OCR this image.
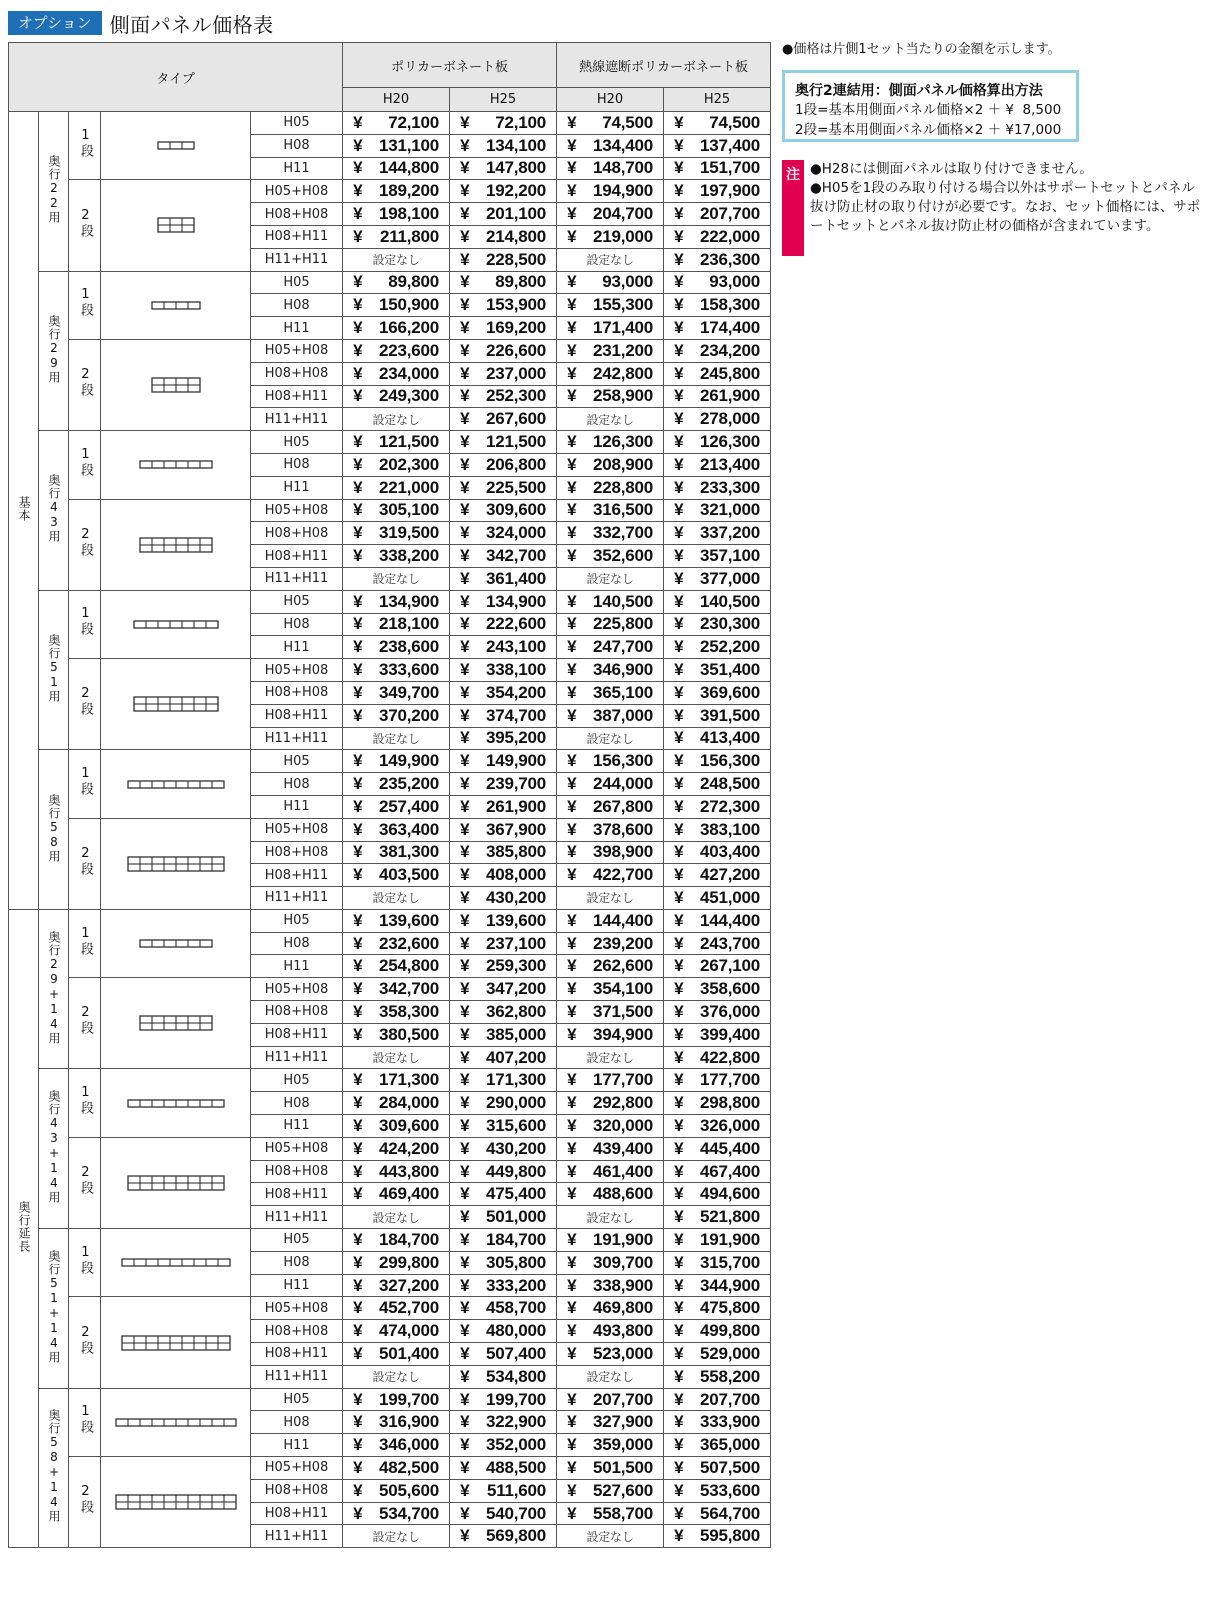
オプション 側面パネル価格表
タイプ					ポリカーボネート板		熱線遮断ポリカーボネート板	
					H20	H25	H20	H25
基本	奥行22用	1段		H05	¥ 72,100	¥ 72,100	¥ 74,500	¥ 74,500
				H08	¥ 131,100	¥ 134,100	¥ 134,400	¥ 137,400
				H11	¥ 144,800	¥ 147,800	¥ 148,700	¥ 151,700
		2段		H05+H08	¥ 189,200	¥ 192,200	¥ 194,900	¥ 197,900
				H08+H08	¥ 198,100	¥ 201,100	¥ 204,700	¥ 207,700
				H08+H11	¥ 211,800	¥ 214,800	¥ 219,000	¥ 222,000
				H11+H11	設定なし	¥ 228,500	設定なし	¥ 236,300
	奥行29用	1段		H05	¥ 89,800	¥ 89,800	¥ 93,000	¥ 93,000
				H08	¥ 150,900	¥ 153,900	¥ 155,300	¥ 158,300
				H11	¥ 166,200	¥ 169,200	¥ 171,400	¥ 174,400
		2段		H05+H08	¥ 223,600	¥ 226,600	¥ 231,200	¥ 234,200
				H08+H08	¥ 234,000	¥ 237,000	¥ 242,800	¥ 245,800
				H08+H11	¥ 249,300	¥ 252,300	¥ 258,900	¥ 261,900
				H11+H11	設定なし	¥ 267,600	設定なし	¥ 278,000
	奥行43用	1段		H05	¥ 121,500	¥ 121,500	¥ 126,300	¥ 126,300
				H08	¥ 202,300	¥ 206,800	¥ 208,900	¥ 213,400
				H11	¥ 221,000	¥ 225,500	¥ 228,800	¥ 233,300
		2段		H05+H08	¥ 305,100	¥ 309,600	¥ 316,500	¥ 321,000
				H08+H08	¥ 319,500	¥ 324,000	¥ 332,700	¥ 337,200
				H08+H11	¥ 338,200	¥ 342,700	¥ 352,600	¥ 357,100
				H11+H11	設定なし	¥ 361,400	設定なし	¥ 377,000
	奥行51用	1段		H05	¥ 134,900	¥ 134,900	¥ 140,500	¥ 140,500
				H08	¥ 218,100	¥ 222,600	¥ 225,800	¥ 230,300
				H11	¥ 238,600	¥ 243,100	¥ 247,700	¥ 252,200
		2段		H05+H08	¥ 333,600	¥ 338,100	¥ 346,900	¥ 351,400
				H08+H08	¥ 349,700	¥ 354,200	¥ 365,100	¥ 369,600
				H08+H11	¥ 370,200	¥ 374,700	¥ 387,000	¥ 391,500
				H11+H11	設定なし	¥ 395,200	設定なし	¥ 413,400
	奥行58用	1段		H05	¥ 149,900	¥ 149,900	¥ 156,300	¥ 156,300
				H08	¥ 235,200	¥ 239,700	¥ 244,000	¥ 248,500
				H11	¥ 257,400	¥ 261,900	¥ 267,800	¥ 272,300
		2段		H05+H08	¥ 363,400	¥ 367,900	¥ 378,600	¥ 383,100
				H08+H08	¥ 381,300	¥ 385,800	¥ 398,900	¥ 403,400
				H08+H11	¥ 403,500	¥ 408,000	¥ 422,700	¥ 427,200
				H11+H11	設定なし	¥ 430,200	設定なし	¥ 451,000
奥行延長	奥行29+14用	1段		H05	¥ 139,600	¥ 139,600	¥ 144,400	¥ 144,400
				H08	¥ 232,600	¥ 237,100	¥ 239,200	¥ 243,700
				H11	¥ 254,800	¥ 259,300	¥ 262,600	¥ 267,100
		2段		H05+H08	¥ 342,700	¥ 347,200	¥ 354,100	¥ 358,600
				H08+H08	¥ 358,300	¥ 362,800	¥ 371,500	¥ 376,000
				H08+H11	¥ 380,500	¥ 385,000	¥ 394,900	¥ 399,400
				H11+H11	設定なし	¥ 407,200	設定なし	¥ 422,800
	奥行43+14用	1段		H05	¥ 171,300	¥ 171,300	¥ 177,700	¥ 177,700
				H08	¥ 284,000	¥ 290,000	¥ 292,800	¥ 298,800
				H11	¥ 309,600	¥ 315,600	¥ 320,000	¥ 326,000
		2段		H05+H08	¥ 424,200	¥ 430,200	¥ 439,400	¥ 445,400
				H08+H08	¥ 443,800	¥ 449,800	¥ 461,400	¥ 467,400
				H08+H11	¥ 469,400	¥ 475,400	¥ 488,600	¥ 494,600
				H11+H11	設定なし	¥ 501,000	設定なし	¥ 521,800
	奥行51+14用	1段		H05	¥ 184,700	¥ 184,700	¥ 191,900	¥ 191,900
				H08	¥ 299,800	¥ 305,800	¥ 309,700	¥ 315,700
				H11	¥ 327,200	¥ 333,200	¥ 338,900	¥ 344,900
		2段		H05+H08	¥ 452,700	¥ 458,700	¥ 469,800	¥ 475,800
				H08+H08	¥ 474,000	¥ 480,000	¥ 493,800	¥ 499,800
				H08+H11	¥ 501,400	¥ 507,400	¥ 523,000	¥ 529,000
				H11+H11	設定なし	¥ 534,800	設定なし	¥ 558,200
	奥行58+14用	1段		H05	¥ 199,700	¥ 199,700	¥ 207,700	¥ 207,700
				H08	¥ 316,900	¥ 322,900	¥ 327,900	¥ 333,900
				H11	¥ 346,000	¥ 352,000	¥ 359,000	¥ 365,000
		2段		H05+H08	¥ 482,500	¥ 488,500	¥ 501,500	¥ 507,500
				H08+H08	¥ 505,600	¥ 511,600	¥ 527,600	¥ 533,600
				H08+H11	¥ 534,700	¥ 540,700	¥ 558,700	¥ 564,700
				H11+H11	設定なし	¥ 569,800	設定なし	¥ 595,800
●価格は片側1セット当たりの金額を示します。
奥行2連結用：側面パネル価格算出方法
1段=基本用側面パネル価格×2 ＋ ¥  8,500
2段=基本用側面パネル価格×2 ＋ ¥17,000
注 ●H28には側面パネルは取り付けできません。

●H05を1段のみ取り付ける場合以外はサポートセットとパネル抜け防止材の取り付けが必要です。なお、セット価格には、サポートセットとパネル抜け防止材の価格が含まれています。
